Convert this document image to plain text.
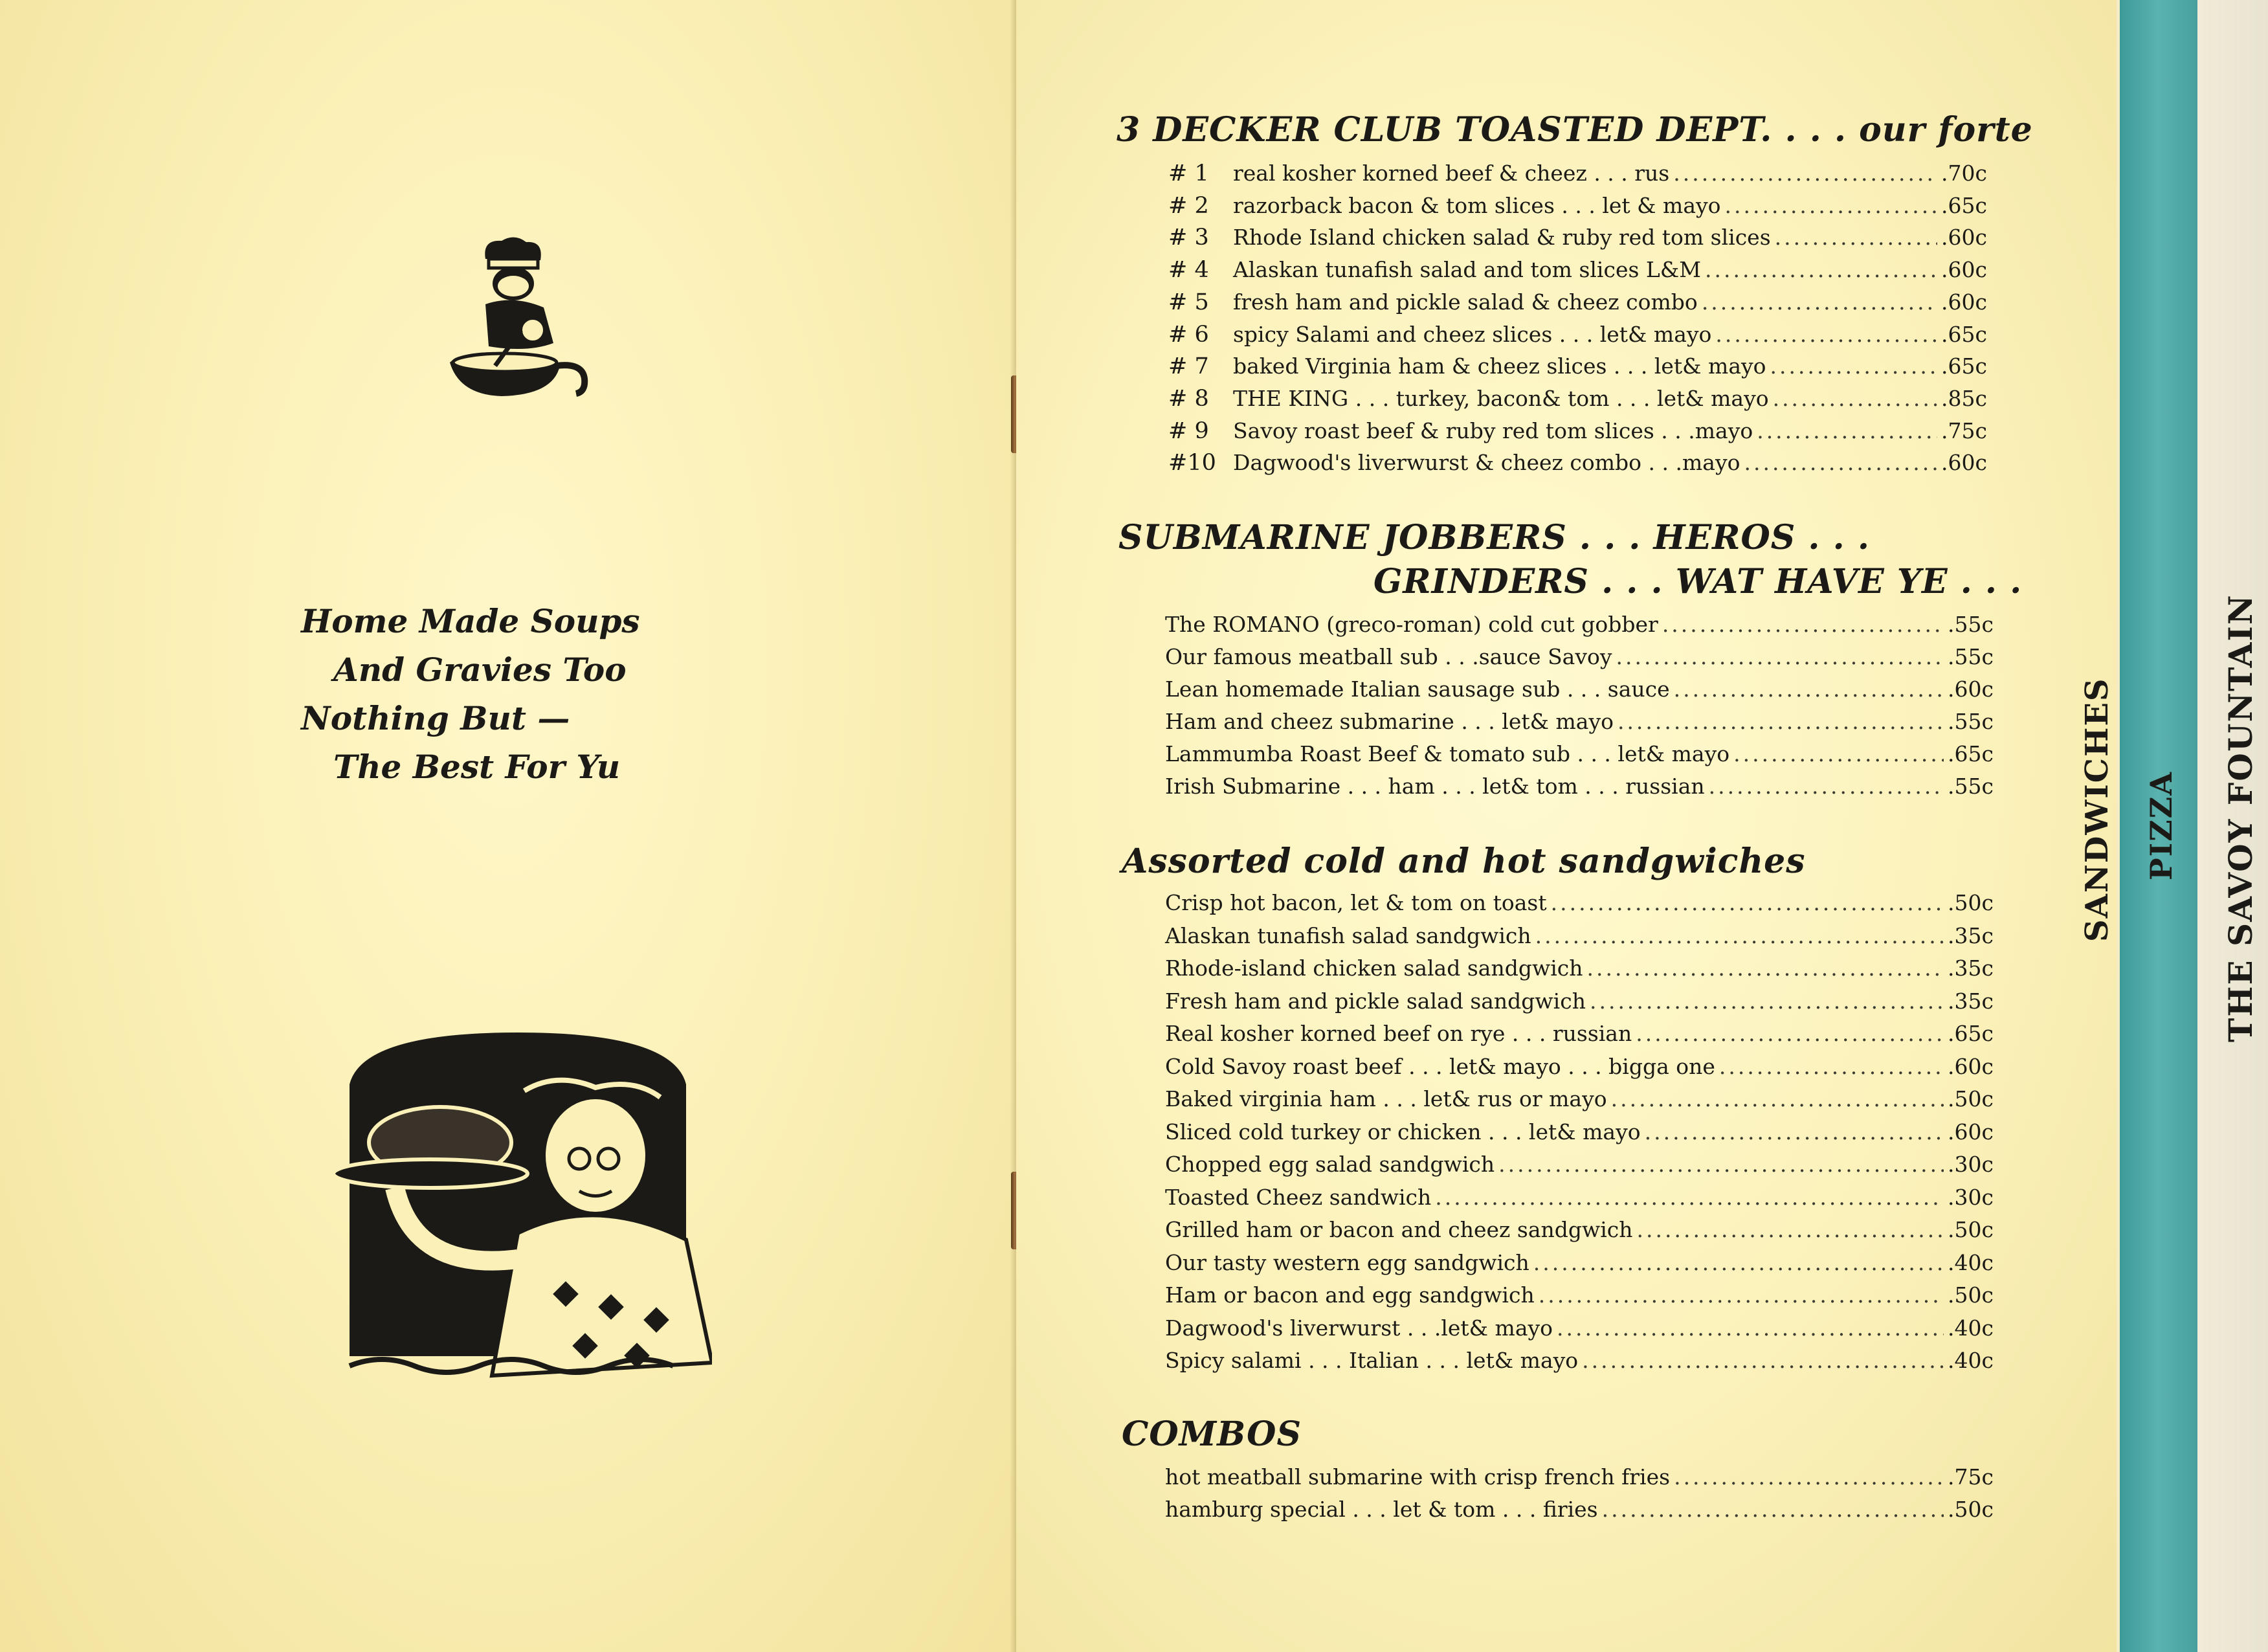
Home Made Soups
And Gravies Too
Nothing But —
The Best For Yu
3 DECKER CLUB TOASTED DEPT. . . . our forte
# 1	real kosher korned beef & cheez . . . rus .....	.70c
# 2	razorback bacon & tom slices . . . let & mayo .....	.65c
# 3	Rhode Island chicken salad & ruby red tom slices .....	.60c
# 4	Alaskan tunafish salad and tom slices L&M .....	.60c
# 5	fresh ham and pickle salad & cheez combo .....	.60c
# 6	spicy Salami and cheez slices . . . let& mayo .....	.65c
# 7	baked Virginia ham & cheez slices . . . let& mayo .....	.65c
# 8	THE KING . . . turkey, bacon& tom . . . let& mayo .....	.85c
# 9	Savoy roast beef & ruby red tom slices . . .mayo .....	.75c
#10 Dagwood's liverwurst & cheez combo . . .mayo .....	.60c
SUBMARINE JOBBERS . . . HEROS . . .
GRINDERS . . . WAT HAVE YE . . .
The ROMANO (greco-roman) cold cut gobber .....	.55c
Our famous meatball sub . . .sauce Savoy .....	.55c
Lean homemade Italian sausage sub . . . sauce .....	.60c
Ham and cheez submarine . . . let& mayo .....	.55c
Lammumba Roast Beef & tomato sub . . . let& mayo .....	.65c
Irish Submarine . . . ham . . . let& tom . . . russian .....	.55c
Assorted cold and hot sandgwiches
Crisp hot bacon, let & tom on toast .....	.50c
Alaskan tunafish salad sandgwich .....	.35c
Rhode-island chicken salad sandgwich .....	.35c
Fresh ham and pickle salad sandgwich .....	.35c
Real kosher korned beef on rye . . . russian .....	.65c
Cold Savoy roast beef . . . let& mayo . . . bigga one .....	.60c
Baked virginia ham . . . let& rus or mayo .....	.50c
Sliced cold turkey or chicken . . . let& mayo .....	.60c
Chopped egg salad sandgwich .....	.30c
Toasted Cheez sandwich .....	.30c
Grilled ham or bacon and cheez sandgwich .....	.50c
Our tasty western egg sandgwich .....	.40c
Ham or bacon and egg sandgwich .....	.50c
Dagwood's liverwurst . . .let& mayo .....	.40c
Spicy salami . . . Italian . . . let& mayo .....	.40c
COMBOS
hot meatball submarine with crisp french fries .....	.75c
hamburg special . . . let & tom . . . firies .....	.50c
SANDWICHES PIZZA THE SAVOY FOUNTAIN
